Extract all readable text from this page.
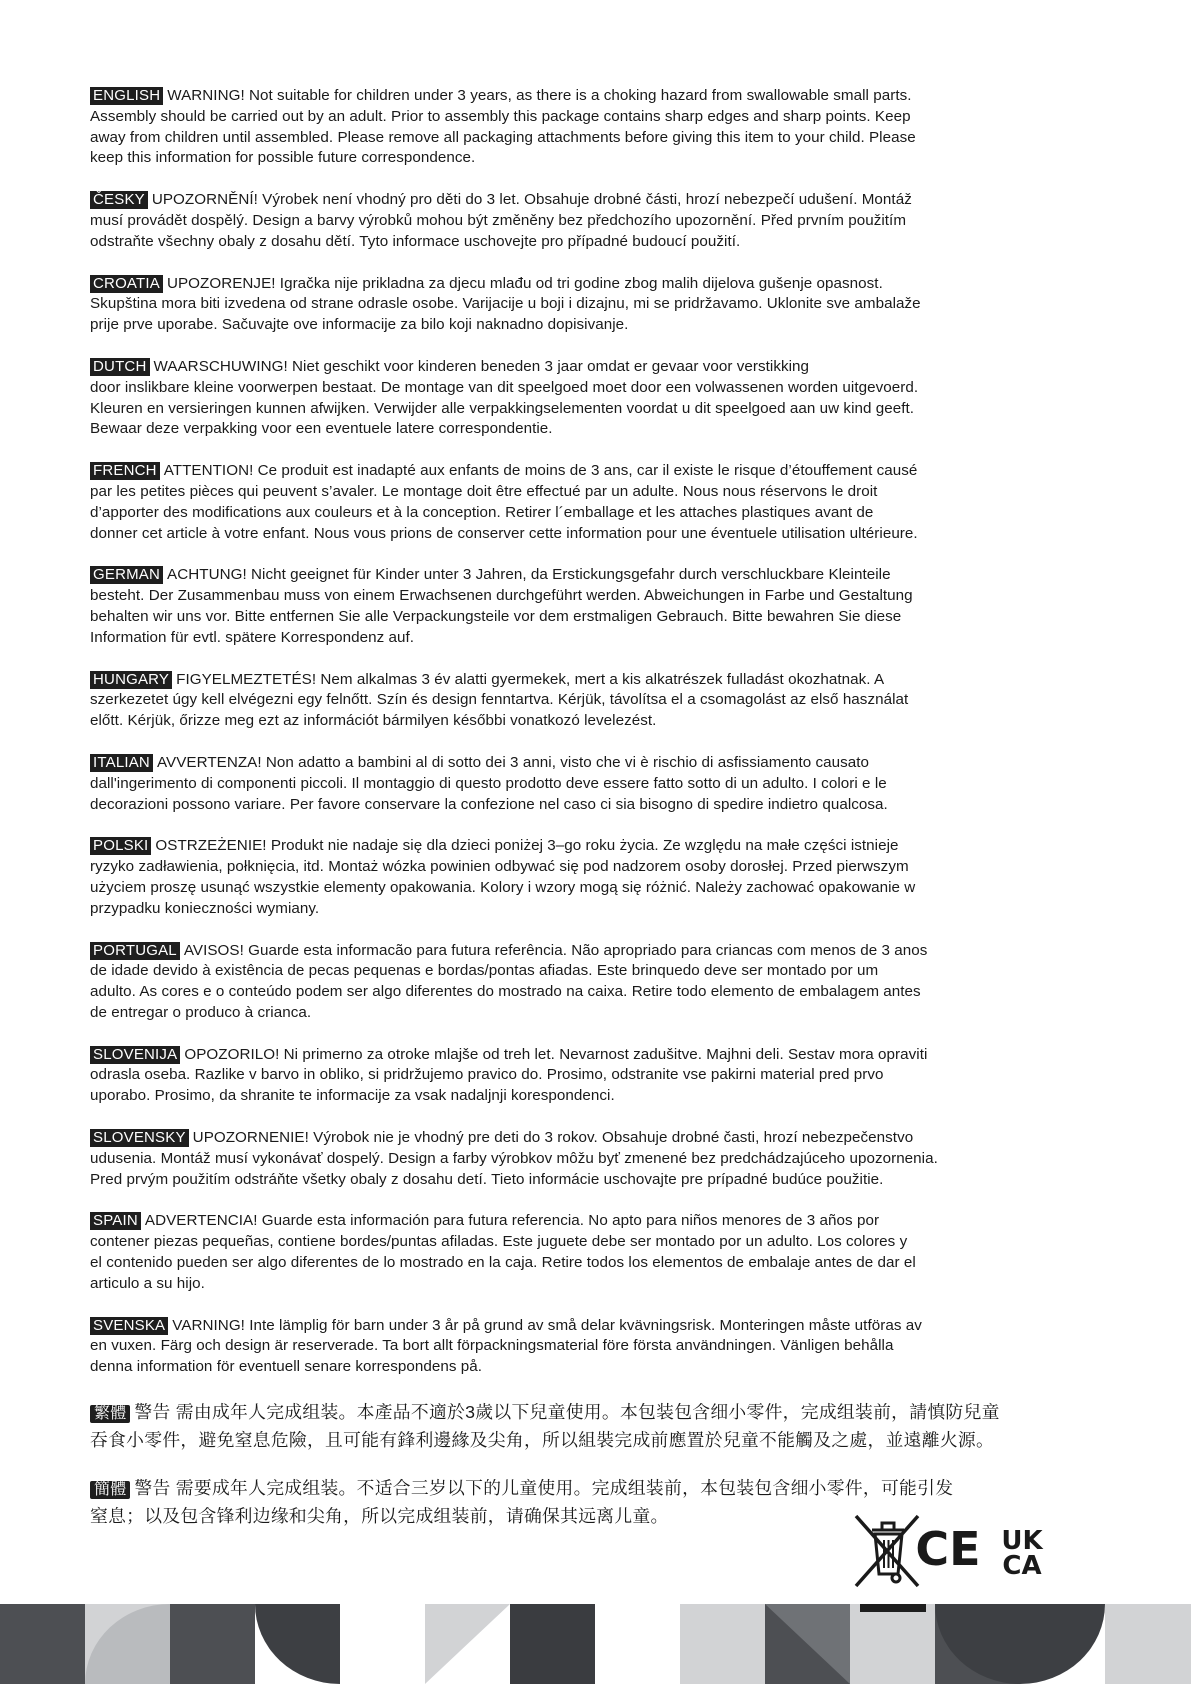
ENGLISH WARNING! Not suitable for children under 3 years, as there is a choking hazard from swallowable small parts.
Assembly should be carried out by an adult. Prior to assembly this package contains sharp edges and sharp points. Keep
away from children until assembled. Please remove all packaging attachments before giving this item to your child. Please
keep this information for possible future correspondence.
ČESKY UPOZORNĚNÍ! Výrobek není vhodný pro děti do 3 let. Obsahuje drobné části, hrozí nebezpečí udušení. Montáž
musí provádět dospělý. Design a barvy výrobků mohou být změněny bez předchozího upozornění. Před prvním použitím
odstraňte všechny obaly z dosahu dětí. Tyto informace uschovejte pro případné budoucí použití.
CROATIA UPOZORENJE! Igračka nije prikladna za djecu mlađu od tri godine zbog malih dijelova gušenje opasnost.
Skupština mora biti izvedena od strane odrasle osobe. Varijacije u boji i dizajnu, mi se pridržavamo. Uklonite sve ambalaže
prije prve uporabe. Sačuvajte ove informacije za bilo koji naknadno dopisivanje.
DUTCH WAARSCHUWING! Niet geschikt voor kinderen beneden 3 jaar omdat er gevaar voor verstikking
door inslikbare kleine voorwerpen bestaat. De montage van dit speelgoed moet door een volwassenen worden uitgevoerd.
Kleuren en versieringen kunnen afwijken. Verwijder alle verpakkingselementen voordat u dit speelgoed aan uw kind geeft.
Bewaar deze verpakking voor een eventuele latere correspondentie.
FRENCH ATTENTION! Ce produit est inadapté aux enfants de moins de 3 ans, car il existe le risque d’étouffement causé
par les petites pièces qui peuvent s’avaler. Le montage doit être effectué par un adulte. Nous nous réservons le droit
d’apporter des modifications aux couleurs et à la conception. Retirer l´emballage et les attaches plastiques avant de
donner cet article à votre enfant. Nous vous prions de conserver cette information pour une éventuele utilisation ultérieure.
GERMAN ACHTUNG! Nicht geeignet für Kinder unter 3 Jahren, da Erstickungsgefahr durch verschluckbare Kleinteile
besteht. Der Zusammenbau muss von einem Erwachsenen durchgeführt werden. Abweichungen in Farbe und Gestaltung
behalten wir uns vor. Bitte entfernen Sie alle Verpackungsteile vor dem erstmaligen Gebrauch. Bitte bewahren Sie diese
Information für evtl. spätere Korrespondenz auf.
HUNGARY FIGYELMEZTETÉS! Nem alkalmas 3 év alatti gyermekek, mert a kis alkatrészek fulladást okozhatnak. A
szerkezetet úgy kell elvégezni egy felnőtt. Szín és design fenntartva. Kérjük, távolítsa el a csomagolást az első használat
előtt. Kérjük, őrizze meg ezt az információt bármilyen későbbi vonatkozó levelezést.
ITALIAN AVVERTENZA! Non adatto a bambini al di sotto dei 3 anni, visto che vi è rischio di asfissiamento causato
dall'ingerimento di componenti piccoli. Il montaggio di questo prodotto deve essere fatto sotto di un adulto. I colori e le
decorazioni possono variare. Per favore conservare la confezione nel caso ci sia bisogno di spedire indietro qualcosa.
POLSKI OSTRZEŻENIE! Produkt nie nadaje się dla dzieci poniżej 3–go roku życia. Ze względu na małe części istnieje
ryzyko zadławienia, połknięcia, itd. Montaż wózka powinien odbywać się pod nadzorem osoby dorosłej. Przed pierwszym
użyciem proszę usunąć wszystkie elementy opakowania. Kolory i wzory mogą się różnić. Należy zachować opakowanie w
przypadku konieczności wymiany.
PORTUGAL AVISOS! Guarde esta informacão para futura referência. Não apropriado para criancas com menos de 3 anos
de idade devido à existência de pecas pequenas e bordas/pontas afiadas. Este brinquedo deve ser montado por um
adulto. As cores e o conteúdo podem ser algo diferentes do mostrado na caixa. Retire todo elemento de embalagem antes
de entregar o produco à crianca.
SLOVENIJA OPOZORILO! Ni primerno za otroke mlajše od treh let. Nevarnost zadušitve. Majhni deli. Sestav mora opraviti
odrasla oseba. Razlike v barvo in obliko, si pridržujemo pravico do. Prosimo, odstranite vse pakirni material pred prvo
uporabo. Prosimo, da shranite te informacije za vsak nadaljnji korespondenci.
SLOVENSKY UPOZORNENIE! Výrobok nie je vhodný pre deti do 3 rokov. Obsahuje drobné časti, hrozí nebezpečenstvo
udusenia. Montáž musí vykonávať dospelý. Design a farby výrobkov môžu byť zmenené bez predchádzajúceho upozornenia.
Pred prvým použitím odstráňte všetky obaly z dosahu detí. Tieto informácie uschovajte pre prípadné budúce použitie.
SPAIN ADVERTENCIA! Guarde esta información para futura referencia. No apto para niños menores de 3 años por
contener piezas pequeñas, contiene bordes/puntas afiladas. Este juguete debe ser montado por un adulto. Los colores y
el contenido pueden ser algo diferentes de lo mostrado en la caja. Retire todos los elementos de embalaje antes de dar el
articulo a su hijo.
SVENSKA VARNING! Inte lämplig för barn under 3 år på grund av små delar kvävningsrisk. Monteringen måste utföras av
en vuxen. Färg och design är reserverade. Ta bort allt förpackningsmaterial före första användningen. Vänligen behålla
denna information för eventuell senare korrespondens på.
繁體 警告 需由成年人完成组装。本產品不適於3歲以下兒童使用。本包装包含细小零件，完成组装前，請慎防兒童
吞食小零件，避免窒息危險，且可能有鋒利邊緣及尖角，所以組裝完成前應置於兒童不能觸及之處，並遠離火源。
簡體 警告 需要成年人完成组装。不适合三岁以下的儿童使用。完成组装前，本包装包含细小零件，可能引发
窒息；以及包含锋利边缘和尖角，所以完成组装前，请确保其远离儿童。
CE UK
CA
